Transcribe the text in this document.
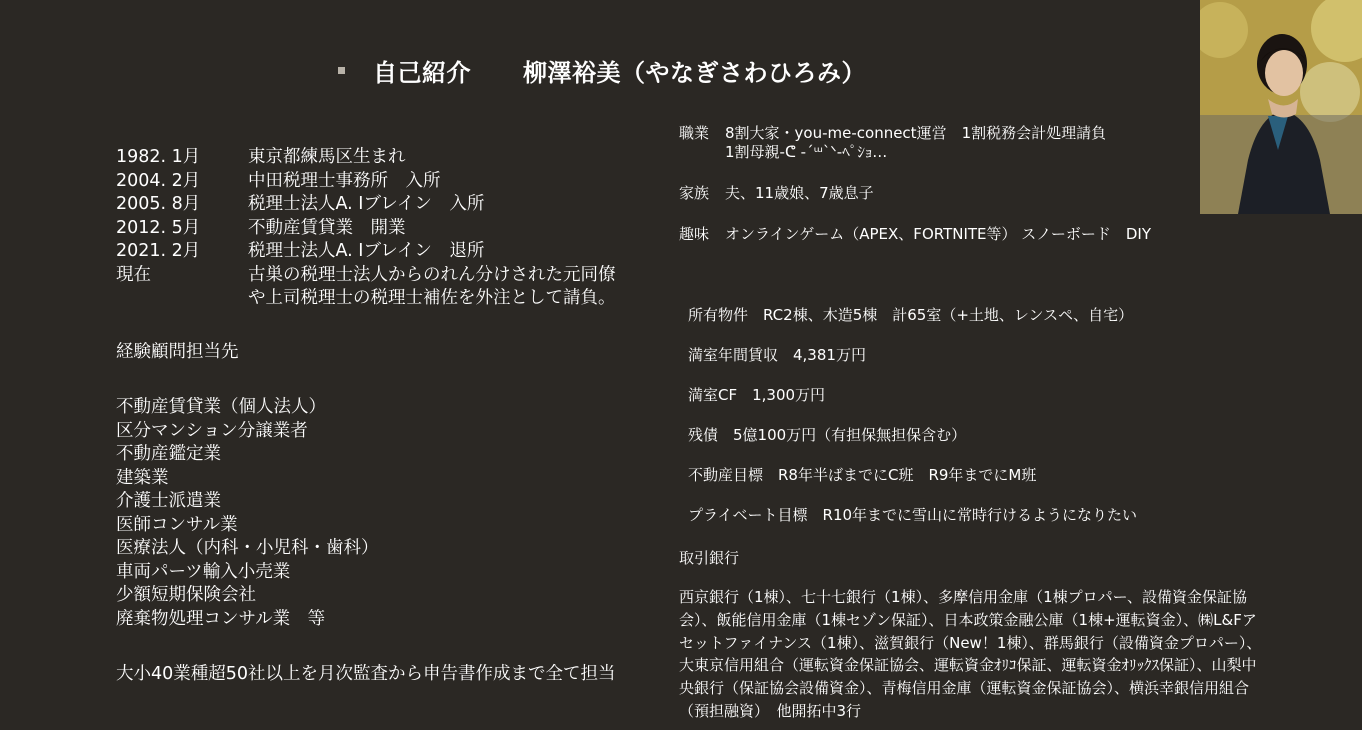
自己紹介 柳澤裕美（やなぎさわひろみ）
1982. 1月	東京都練馬区生まれ
2004. 2月	中田税理士事務所　入所
2005. 8月	税理士法人A. Iブレイン　入所
2012. 5月	不動産賃貸業　開業
2021. 2月	税理士法人A. Iブレイン　退所
現在	古巣の税理士法人からのれん分けされた元同僚や上司税理士の税理士補佐を外注として請負。
経験顧問担当先
不動産賃貸業（個人法人）
区分マンション分譲業者
不動産鑑定業
建築業
介護士派遣業
医師コンサル業
医療法人（内科・小児科・歯科）
車両パーツ輸入小売業
少額短期保険会社
廃棄物処理コンサル業　等
大小40業種超50社以上を月次監査から申告書作成まで全て担当
職業	8割大家・you-me-connect運営　1割税務会計処理請負
1割母親-ᕦ -´ᵚ`ᐠ-ﾍﾟｼｮ…
家族	夫、11歳娘、7歳息子
趣味	オンラインゲーム（APEX、FORTNITE等） スノーボード　DIY
所有物件　RC2棟、木造5棟　計65室（+土地、レンスペ、自宅）
満室年間賃収　4,381万円
満室CF　1,300万円
残債　5億100万円（有担保無担保含む）
不動産目標　R8年半ばまでにC班　R9年までにM班
プライベート目標　R10年までに雪山に常時行けるようになりたい
取引銀行
西京銀行（1棟）、七十七銀行（1棟）、多摩信用金庫（1棟プロパー、設備資金保証協会）、飯能信用金庫（1棟セゾン保証）、日本政策金融公庫（1棟+運転資金）、㈱L&Fアセットファイナンス（1棟）、滋賀銀行（New！1棟）、群馬銀行（設備資金プロパー）、大東京信用組合（運転資金保証協会、運転資金ｵﾘｺ保証、運転資金ｵﾘｯｸｽ保証）、山梨中央銀行（保証協会設備資金）、青梅信用金庫（運転資金保証協会）、横浜幸銀信用組合（預担融資）　他開拓中3行
